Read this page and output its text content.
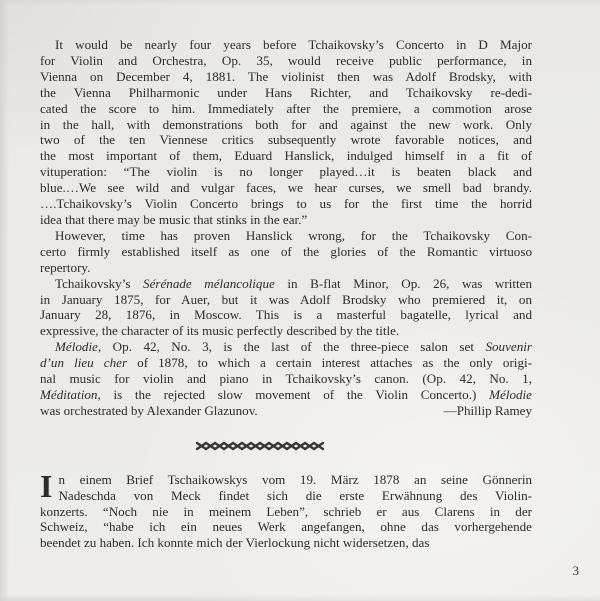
It would be nearly four years before Tchaikovsky’s Concerto in D Major
for Violin and Orchestra, Op. 35, would receive public performance, in
Vienna on December 4, 1881. The violinist then was Adolf Brodsky, with
the Vienna Philharmonic under Hans Richter, and Tchaikovsky re-dedi-
cated the score to him. Immediately after the premiere, a commotion arose
in the hall, with demonstrations both for and against the new work. Only
two of the ten Viennese critics subsequently wrote favorable notices, and
the most important of them, Eduard Hanslick, indulged himself in a fit of
vituperation: “The violin is no longer played…it is beaten black and
blue.…We see wild and vulgar faces, we hear curses, we smell bad brandy.
….Tchaikovsky’s Violin Concerto brings to us for the first time the horrid
idea that there may be music that stinks in the ear.”
However, time has proven Hanslick wrong, for the Tchaikovsky Con-
certo firmly established itself as one of the glories of the Romantic virtuoso
repertory.
Tchaikovsky’s Sérénade mélancolique in B-flat Minor, Op. 26, was written
in January 1875, for Auer, but it was Adolf Brodsky who premiered it, on
January 28, 1876, in Moscow. This is a masterful bagatelle, lyrical and
expressive, the character of its music perfectly described by the title.
Mélodie, Op. 42, No. 3, is the last of the three-piece salon set Souvenir
d’un lieu cher of 1878, to which a certain interest attaches as the only origi-
nal music for violin and piano in Tchaikovsky’s canon. (Op. 42, No. 1,
Méditation, is the rejected slow movement of the Violin Concerto.) Mélodie
—Phillip Ramey
was orchestrated by Alexander Glazunov.
I n einem Brief Tschaikowskys vom 19. März 1878 an seine Gönnerin
Nadeschda von Meck findet sich die erste Erwähnung des Violin-
konzerts. “Noch nie in meinem Leben”, schrieb er aus Clarens in der
Schweiz, “habe ich ein neues Werk angefangen, ohne das vorhergehende
beendet zu haben. Ich konnte mich der Vierlockung nicht widersetzen, das
3
